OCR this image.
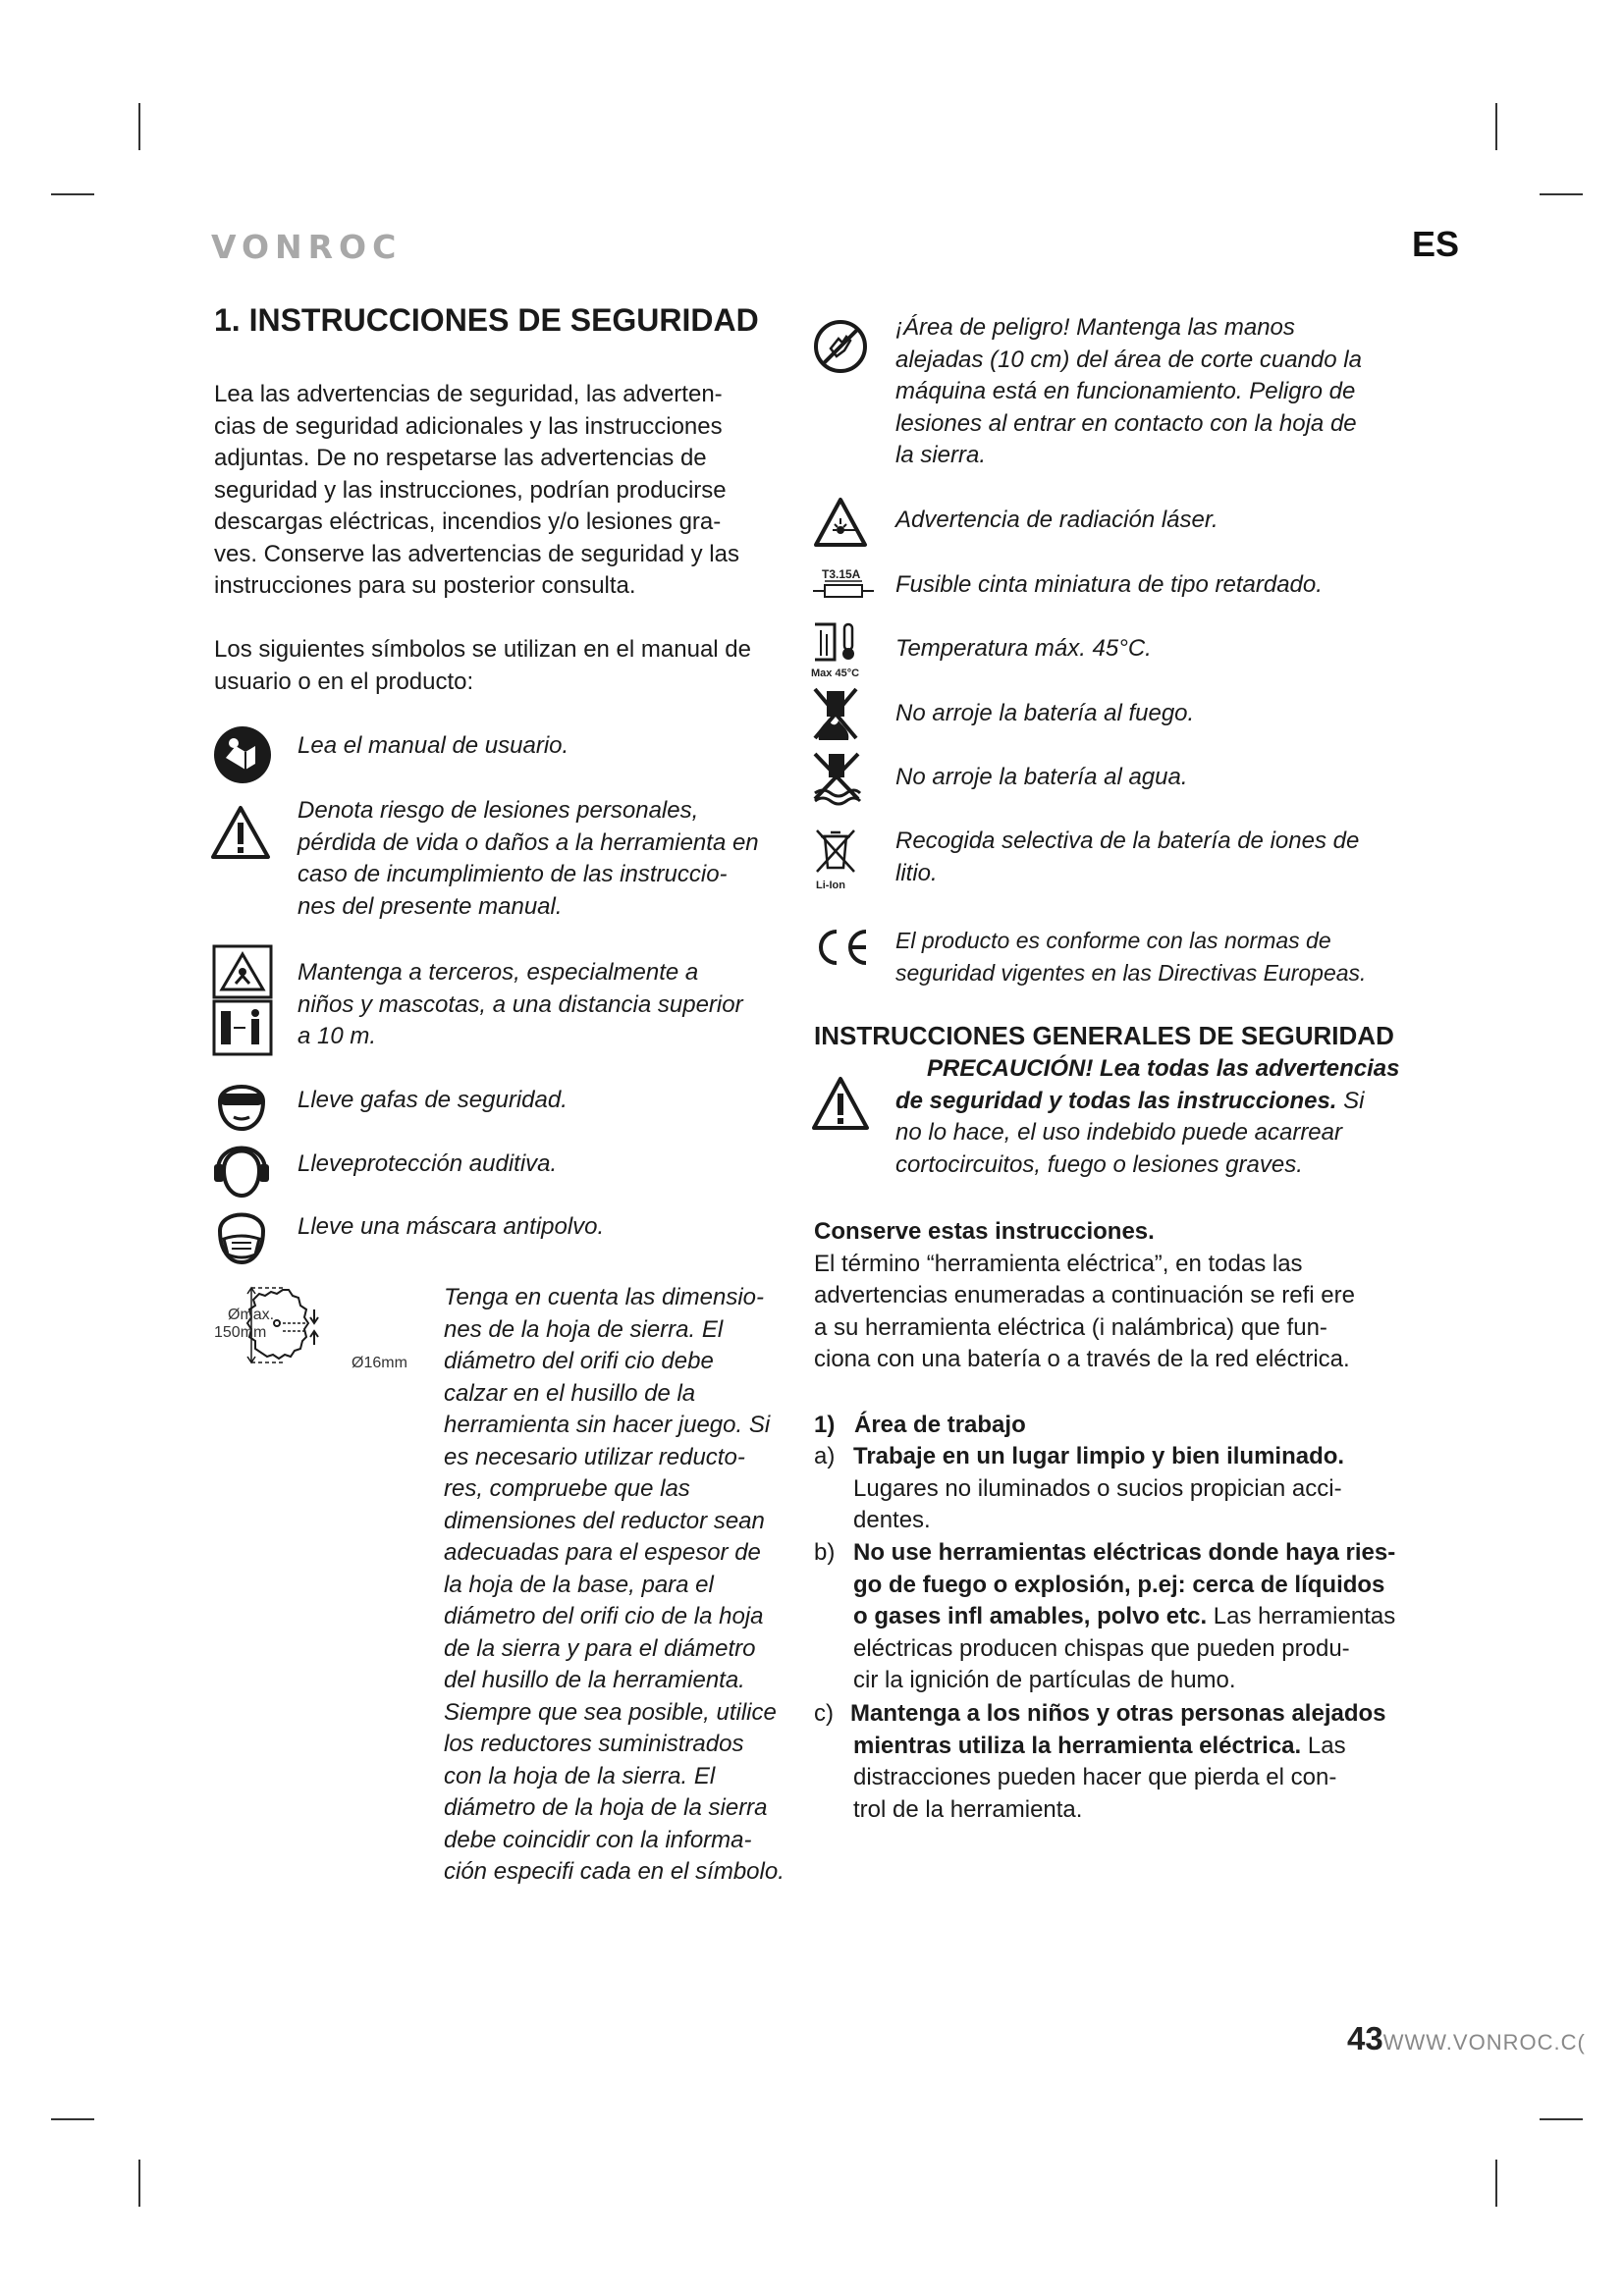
VONROC	ES
1. INSTRUCCIONES DE SEGURIDAD
Lea las advertencias de seguridad, las adverten-
cias de seguridad adicionales y las instrucciones
adjuntas. De no respetarse las advertencias de
seguridad y las instrucciones, podrían producirse
descargas eléctricas, incendios y/o lesiones gra-
ves. Conserve las advertencias de seguridad y las
instrucciones para su posterior consulta.
Los siguientes símbolos se utilizan en el manual de
usuario o en el producto:
Lea el manual de usuario.
Denota riesgo de lesiones personales,
pérdida de vida o daños a la herramienta en
caso de incumplimiento de las instruccio-
nes del presente manual.
Mantenga a terceros, especialmente a
niños y mascotas, a una distancia superior
a 10 m.
Lleve gafas de seguridad.
Lleveprotección auditiva.
Lleve una máscara antipolvo.
Ømax.
150mm
Ø16mm
Tenga en cuenta las dimensio-
nes de la hoja de sierra. El
diámetro del orifi cio debe
calzar en el husillo de la
herramienta sin hacer juego. Si
es necesario utilizar reducto-
res, compruebe que las
dimensiones del reductor sean
adecuadas para el espesor de
la hoja de la base, para el
diámetro del orifi cio de la hoja
de la sierra y para el diámetro
del husillo de la herramienta.
Siempre que sea posible, utilice
los reductores suministrados
con la hoja de la sierra. El
diámetro de la hoja de la sierra
debe coincidir con la informa-
ción especifi cada en el símbolo.
¡Área de peligro! Mantenga las manos
alejadas (10 cm) del área de corte cuando la
máquina está en funcionamiento. Peligro de
lesiones al entrar en contacto con la hoja de
la sierra.
Advertencia de radiación láser.
T3.15A Fusible cinta miniatura de tipo retardado.
Max 45°C
Temperatura máx. 45°C.
No arroje la batería al fuego.
No arroje la batería al agua.
Li-Ion
Recogida selectiva de la batería de iones de
litio.
El producto es conforme con las normas de
seguridad vigentes en las Directivas Europeas.
INSTRUCCIONES GENERALES DE SEGURIDAD
PRECAUCIÓN! Lea todas las advertencias
de seguridad y todas las instrucciones. Si
no lo hace, el uso indebido puede acarrear
cortocircuitos, fuego o lesiones graves.
Conserve estas instrucciones.
El término “herramienta eléctrica”, en todas las
advertencias enumeradas a continuación se refi ere
a su herramienta eléctrica (i nalámbrica) que fun-
ciona con una batería o a través de la red eléctrica.
1) Área de trabajo
a) Trabaje en un lugar limpio y bien iluminado.
Lugares no iluminados o sucios propician acci-
dentes.
b) No use herramientas eléctricas donde haya ries-
go de fuego o explosión, p.ej: cerca de líquidos
o gases infl amables, polvo etc. Las herramientas
eléctricas producen chispas que pueden produ-
cir la ignición de partículas de humo.
c) Mantenga a los niños y otras personas alejados
mientras utiliza la herramienta eléctrica. Las
distracciones pueden hacer que pierda el con-
trol de la herramienta.
43WWW.VONROC.C(
